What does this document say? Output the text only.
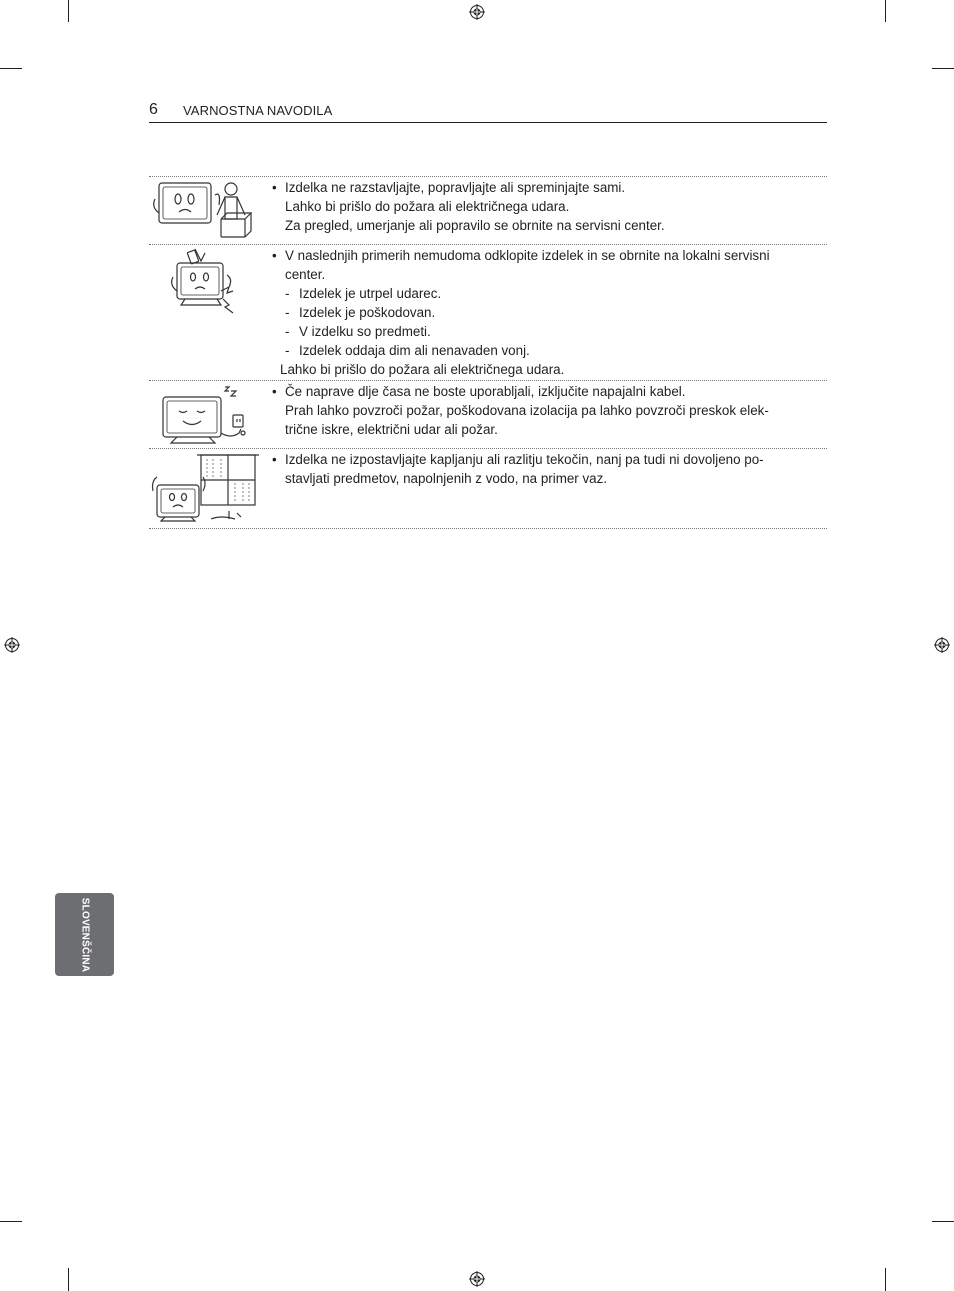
6 VARNOSTNA NAVODILA
• Izdelka ne razstavljajte, popravljajte ali spreminjajte sami.
Lahko bi prišlo do požara ali električnega udara.
Za pregled, umerjanje ali popravilo se obrnite na servisni center.
• V naslednjih primerih nemudoma odklopite izdelek in se obrnite na lokalni servisni
center.
- Izdelek je utrpel udarec.
- Izdelek je poškodovan.
- V izdelku so predmeti.
- Izdelek oddaja dim ali nenavaden vonj.
Lahko bi prišlo do požara ali električnega udara.
• Če naprave dlje časa ne boste uporabljali, izključite napajalni kabel.
Prah lahko povzroči požar, poškodovana izolacija pa lahko povzroči preskok elek-
trične iskre, električni udar ali požar.
• Izdelka ne izpostavljajte kapljanju ali razlitju tekočin, nanj pa tudi ni dovoljeno po-
stavljati predmetov, napolnjenih z vodo, na primer vaz.
SLOVENŠČINA
